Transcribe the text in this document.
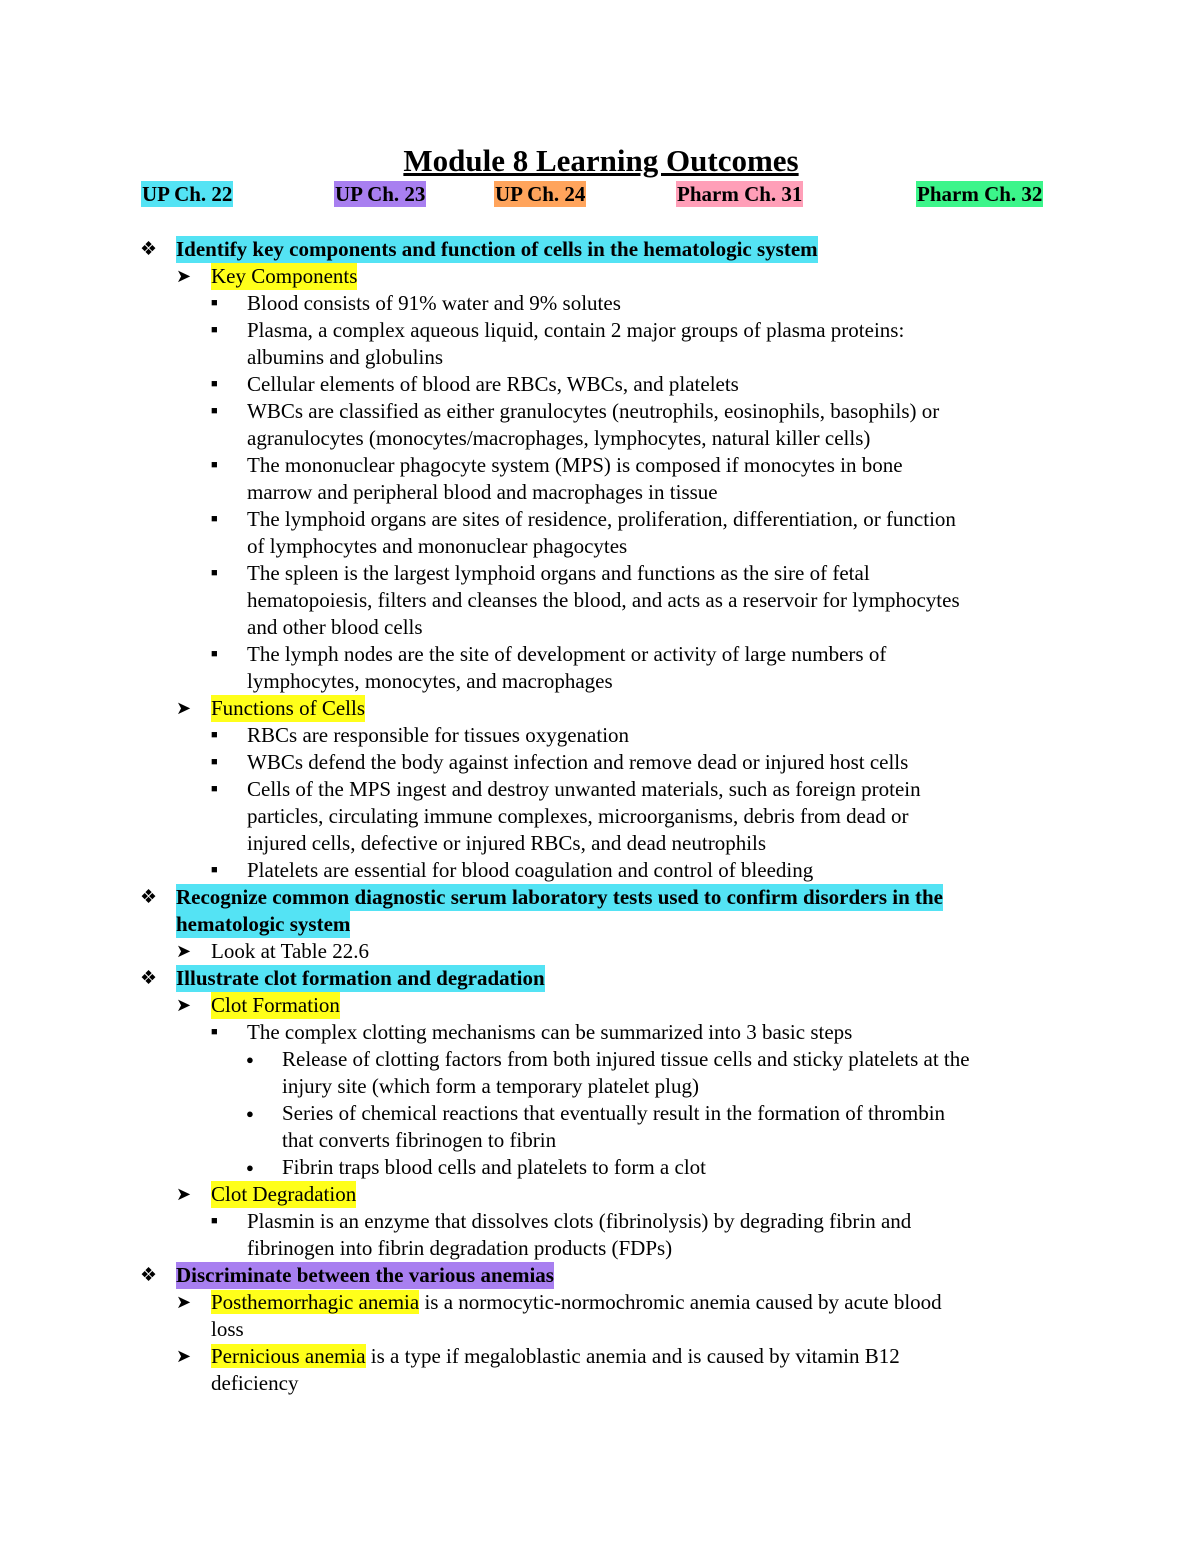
Module 8 Learning Outcomes
UP Ch. 22	UP Ch. 23	UP Ch. 24	Pharm Ch. 31	Pharm Ch. 32
❖ Identify key components and function of cells in the hematologic system
➤ Key Components
■	Blood consists of 91% water and 9% solutes
■	Plasma, a complex aqueous liquid, contain 2 major groups of plasma proteins:
albumins and globulins
■	Cellular elements of blood are RBCs, WBCs, and platelets
■	WBCs are classified as either granulocytes (neutrophils, eosinophils, basophils) or
agranulocytes (monocytes/macrophages, lymphocytes, natural killer cells)
■	The mononuclear phagocyte system (MPS) is composed if monocytes in bone
marrow and peripheral blood and macrophages in tissue
■	The lymphoid organs are sites of residence, proliferation, differentiation, or function
of lymphocytes and mononuclear phagocytes
■	The spleen is the largest lymphoid organs and functions as the sire of fetal
hematopoiesis, filters and cleanses the blood, and acts as a reservoir for lymphocytes
and other blood cells
■	The lymph nodes are the site of development or activity of large numbers of
lymphocytes, monocytes, and macrophages
➤ Functions of Cells
■	RBCs are responsible for tissues oxygenation
■	WBCs defend the body against infection and remove dead or injured host cells
■	Cells of the MPS ingest and destroy unwanted materials, such as foreign protein
particles, circulating immune complexes, microorganisms, debris from dead or
injured cells, defective or injured RBCs, and dead neutrophils
■	Platelets are essential for blood coagulation and control of bleeding
❖ Recognize common diagnostic serum laboratory tests used to confirm disorders in the
hematologic system
➤ Look at Table 22.6
❖ Illustrate clot formation and degradation
➤ Clot Formation
■	The complex clotting mechanisms can be summarized into 3 basic steps
●	Release of clotting factors from both injured tissue cells and sticky platelets at the
injury site (which form a temporary platelet plug)
●	Series of chemical reactions that eventually result in the formation of thrombin
that converts fibrinogen to fibrin
●	Fibrin traps blood cells and platelets to form a clot
➤ Clot Degradation
■	Plasmin is an enzyme that dissolves clots (fibrinolysis) by degrading fibrin and
fibrinogen into fibrin degradation products (FDPs)
❖ Discriminate between the various anemias
➤ Posthemorrhagic anemia is a normocytic-normochromic anemia caused by acute blood
loss
➤ Pernicious anemia is a type if megaloblastic anemia and is caused by vitamin B12
deficiency
